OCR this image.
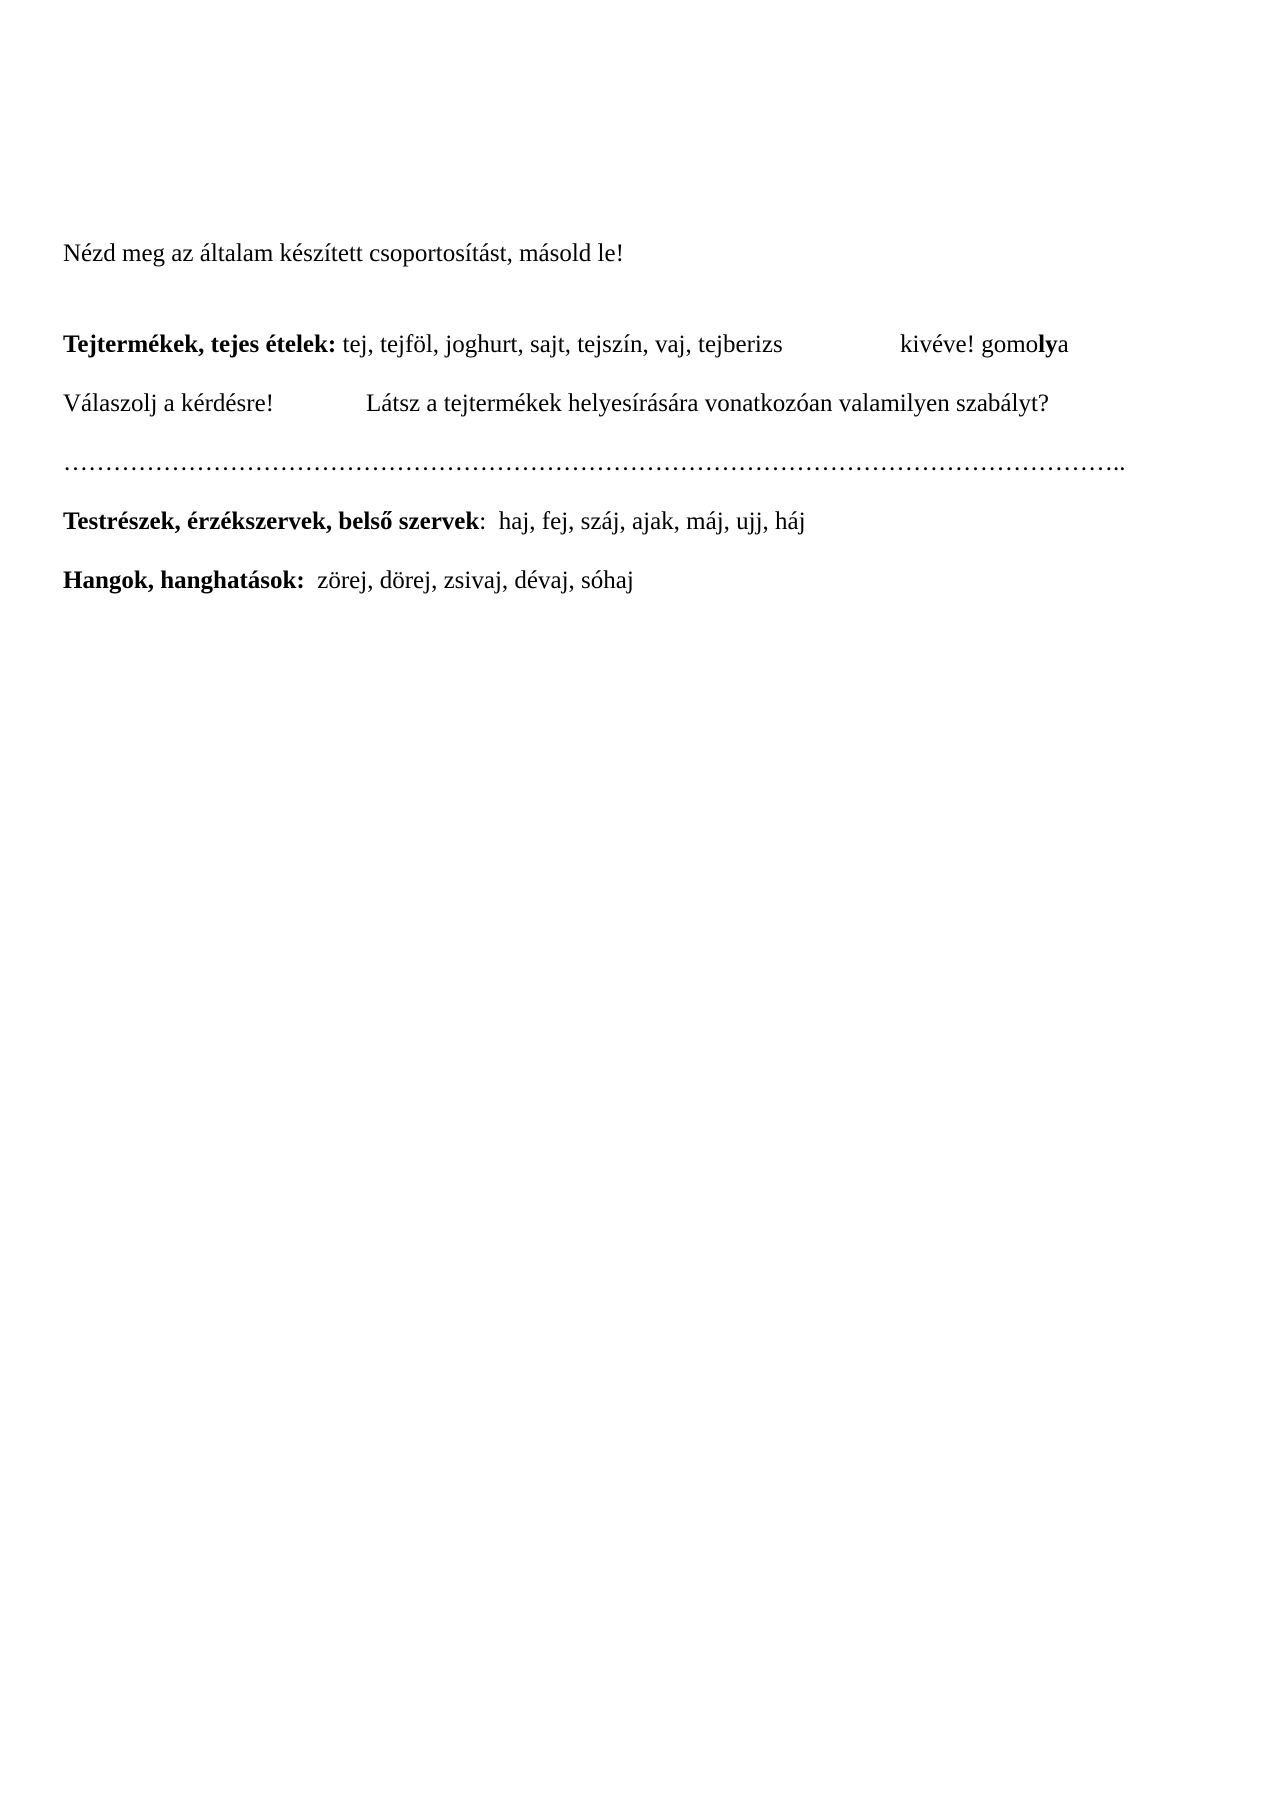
Nézd meg az általam készített csoportosítást, másold le!
Tejtermékek, tejes ételek: tej, tejföl, joghurt, sajt, tejszín, vaj, tejberizs	kivéve! gomolya
Válaszolj a kérdésre!	Látsz a tejtermékek helyesírására vonatkozóan valamilyen szabályt?
………………………………………………………………………………………………………………..
Testrészek, érzékszervek, belső szervek: haj, fej, száj, ajak, máj, ujj, háj
Hangok, hanghatások: zörej, dörej, zsivaj, dévaj, sóhaj
